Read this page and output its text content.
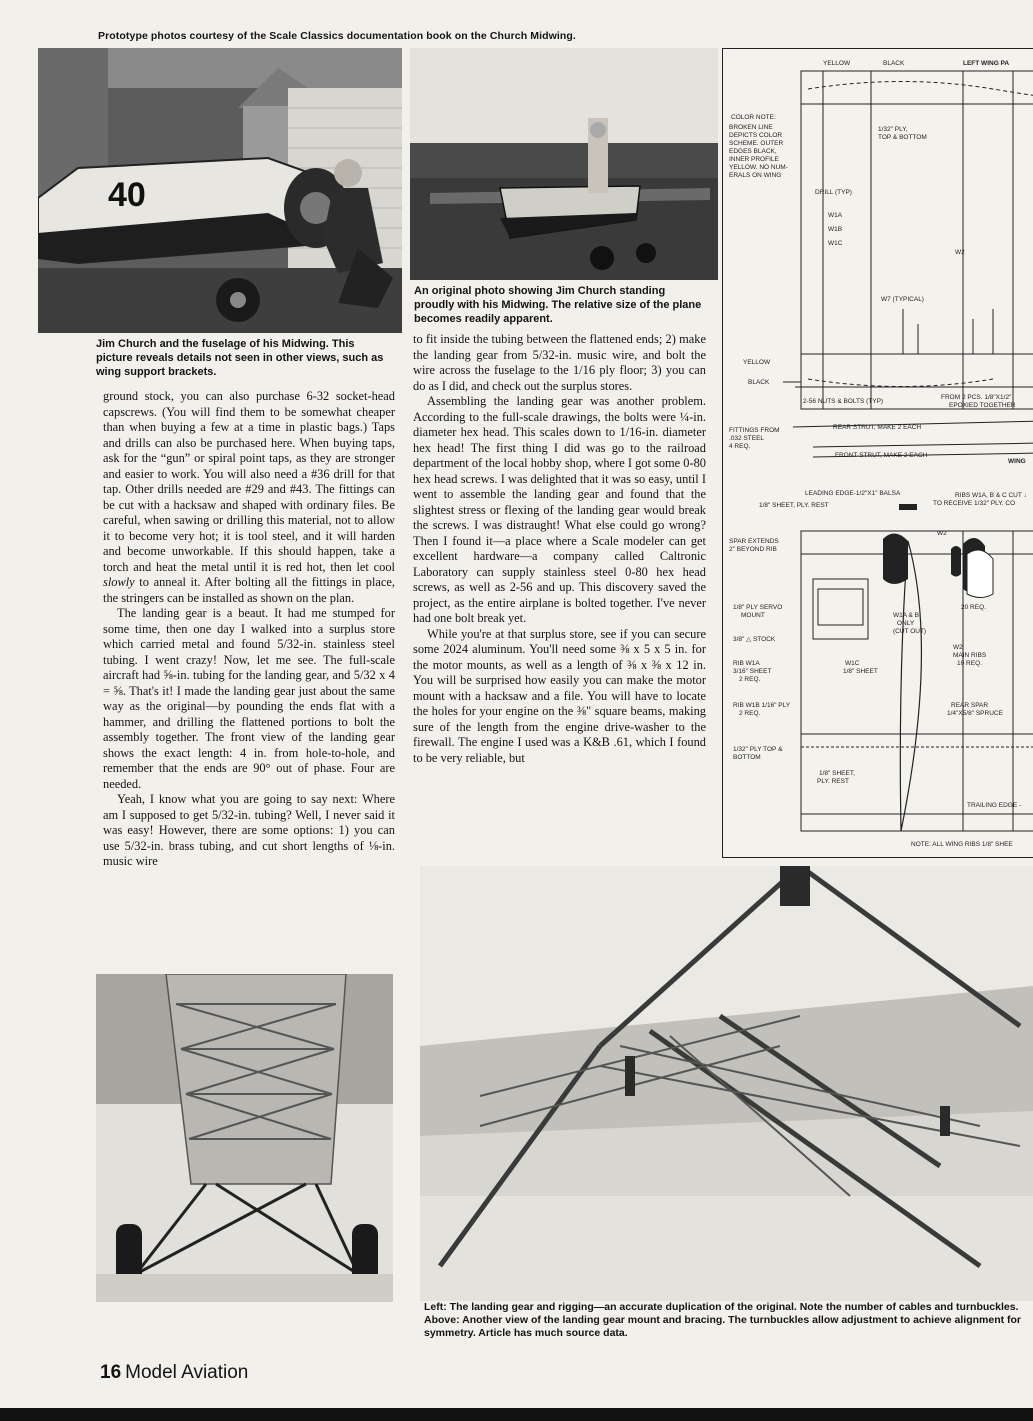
Prototype photos courtesy of the Scale Classics documentation book on the Church Midwing.
40
Jim Church and the fuselage of his Midwing. This picture reveals details not seen in other views, such as wing support brackets.
An original photo showing Jim Church standing proudly with his Midwing. The relative size of the plane becomes readily apparent.

ground stock, you can also purchase 6-32 socket-head capscrews. (You will find them to be somewhat cheaper than when buying a few at a time in plastic bags.) Taps and drills can also be purchased here. When buying taps, ask for the “gun” or spiral point taps, as they are stronger and easier to work. You will also need a #36 drill for that tap. Other drills needed are #29 and #43. The fittings can be cut with a hacksaw and shaped with ordinary files. Be careful, when sawing or drilling this material, not to allow it to become very hot; it is tool steel, and it will harden and become unworkable. If this should happen, take a torch and heat the metal until it is red hot, then let cool slowly to anneal it. After bolting all the fittings in place, the stringers can be installed as shown on the plan.

The landing gear is a beaut. It had me stumped for some time, then one day I walked into a surplus store which carried metal and found 5/32-in. stainless steel tubing. I went crazy! Now, let me see. The full-scale aircraft had ⅝-in. tubing for the landing gear, and 5/32 x 4 = ⅝. That's it! I made the landing gear just about the same way as the original—by pounding the ends flat with a hammer, and drilling the flattened portions to bolt the assembly together. The front view of the landing gear shows the exact length: 4 in. from hole-to-hole, and remember that the ends are 90° out of phase. Four are needed.

Yeah, I know what you are going to say next: Where am I supposed to get 5/32-in. tubing? Well, I never said it was easy! However, there are some options: 1) you can use 5/32-in. brass tubing, and cut short lengths of ⅛-in. music wire

to fit inside the tubing between the flattened ends; 2) make the landing gear from 5/32-in. music wire, and bolt the wire across the fuselage to the 1/16 ply floor; 3) you can do as I did, and check out the surplus stores.

Assembling the landing gear was another problem. According to the full-scale drawings, the bolts were ¼-in. diameter hex head. This scales down to 1/16-in. diameter hex head! The first thing I did was go to the railroad department of the local hobby shop, where I got some 0-80 hex head screws. I was delighted that it was so easy, until I went to assemble the landing gear and found that the slightest stress or flexing of the landing gear would break the screws. I was distraught! What else could go wrong? Then I found it—a place where a Scale modeler can get excellent hardware—a company called Caltronic Laboratory can supply stainless steel 0-80 hex head screws, as well as 2-56 and up. This discovery saved the project, as the entire airplane is bolted together. I've never had one bolt break yet.

While you're at that surplus store, see if you can secure some 2024 aluminum. You'll need some ⅜ x 5 x 5 in. for the motor mounts, as well as a length of ⅜ x ⅜ x 12 in. You will be surprised how easily you can make the motor mount with a hacksaw and a file. You will have to locate the holes for your engine on the ⅜" square beams, making sure of the length from the engine drive-washer to the firewall. The engine I used was a K&B .61, which I found to be very reliable, but

YELLOW	BLACK	LEFT WING PA
COLOR NOTE:
BROKEN LINE
DEPICTS COLOR
SCHEME. OUTER
EDGES BLACK,
INNER PROFILE
YELLOW. NO NUM-
ERALS ON WING
1/32" PLY,
TOP & BOTTOM
DRILL (TYP)
W1A
W1B
W1C
W2
W7 (TYPICAL)
YELLOW
BLACK
2-56 NUTS & BOLTS (TYP)
FROM 2 PCS. 1/8"X1/2"
EPOXIED TOGETHER
FITTINGS FROM
.032 STEEL
4 REQ.
REAR STRUT, MAKE 2 EACH
FRONT STRUT, MAKE 2 EACH
WING
LEADING EDGE-1/2"X1" BALSA
1/8" SHEET, PLY. REST
RIBS W1A, B & C CUT ↓
TO RECEIVE 1/32" PLY. CO
SPAR EXTENDS
2" BEYOND RIB
W2
20 REQ.
1/8" PLY SERVO
MOUNT
3/8" △ STOCK
W1A & B
ONLY
(CUT OUT)
W2
MAIN RIBS
10 REQ.
RIB W1A
3/16" SHEET
2 REQ.
W1C
1/8" SHEET
RIB W1B 1/16" PLY
2 REQ.
REAR SPAR
1/4"X5/8" SPRUCE
1/32" PLY TOP &
BOTTOM
1/8" SHEET,
PLY. REST
TRAILING EDGE -
NOTE: ALL WING RIBS 1/8" SHEE
Left: The landing gear and rigging—an accurate duplication of the original. Note the number of cables and turnbuckles. Above: Another view of the landing gear mount and bracing. The turnbuckles allow adjustment to achieve alignment for symmetry. Article has much source data.
16 Model Aviation
